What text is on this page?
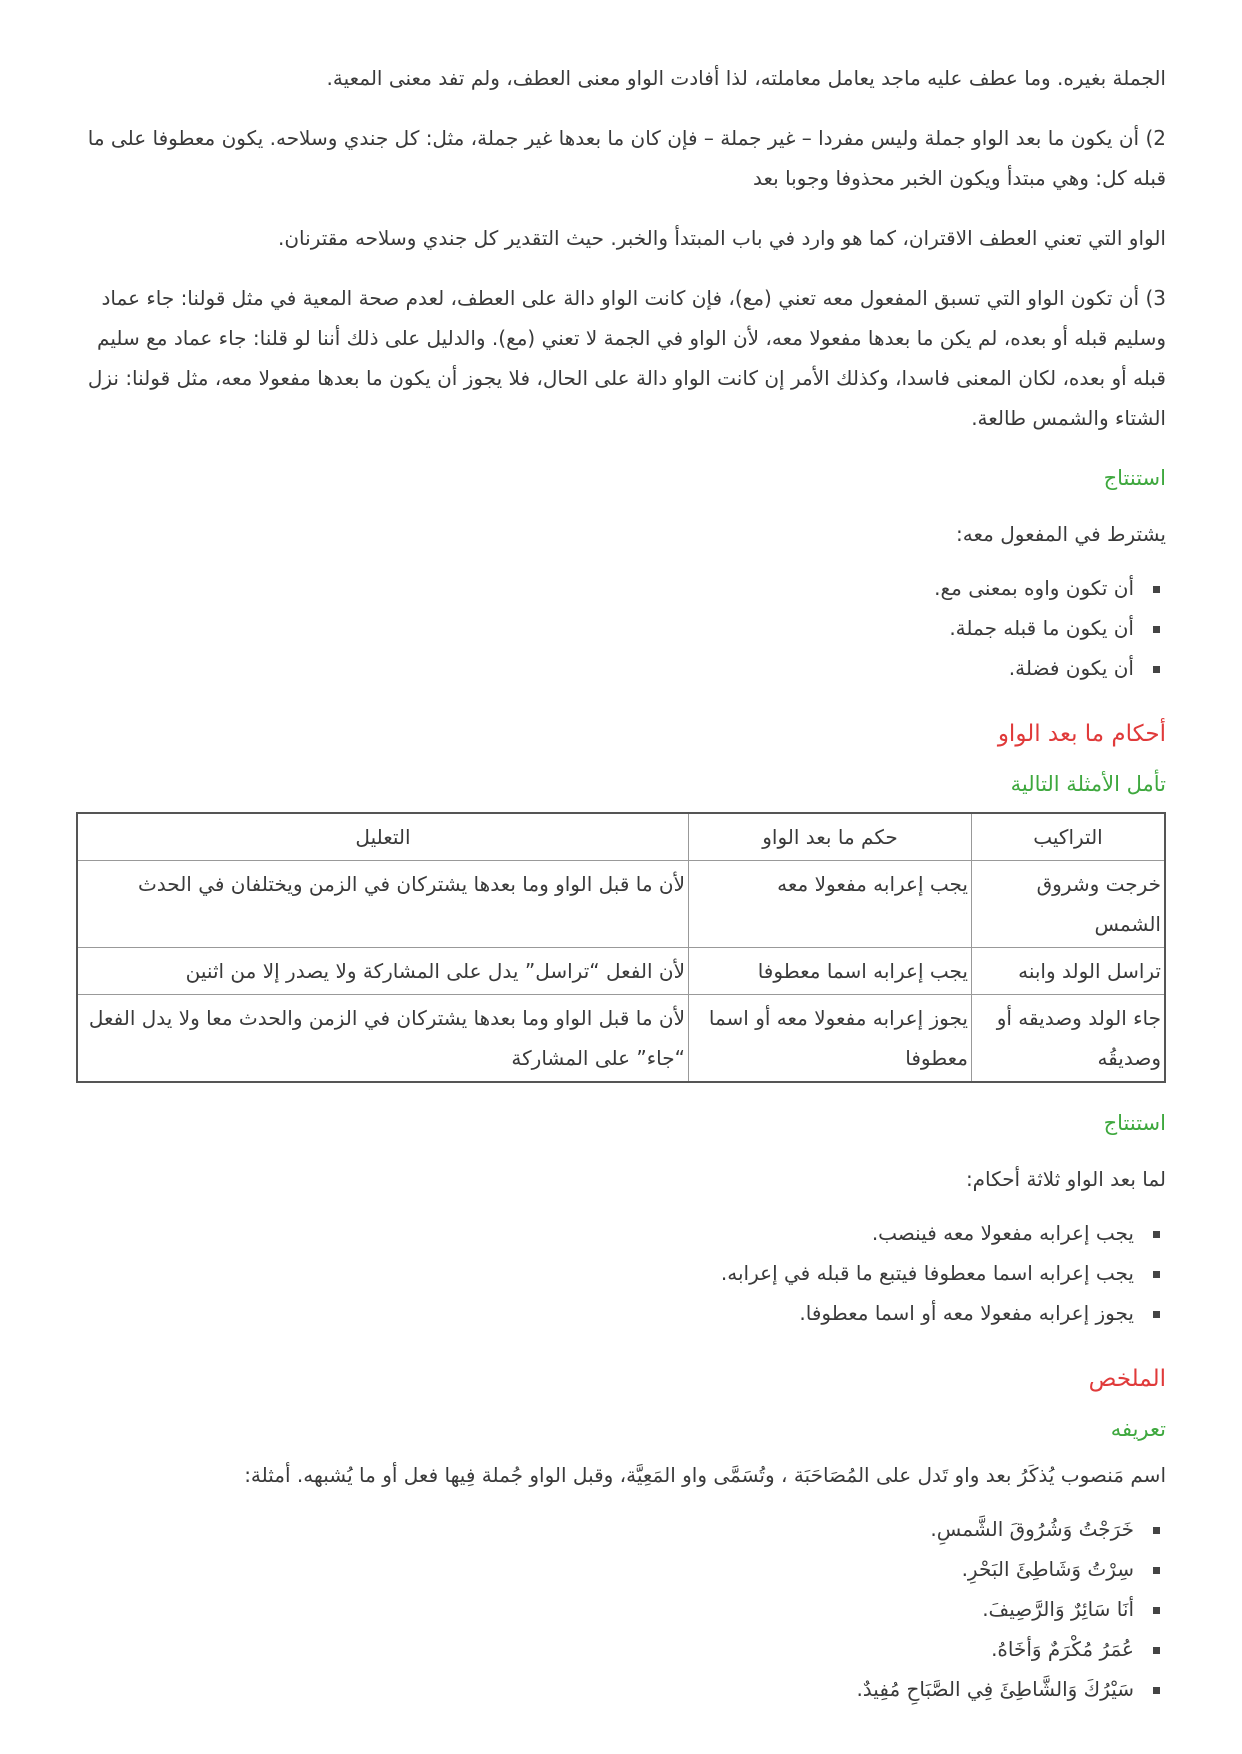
الجملة بغيره. وما عطف عليه ماجد يعامل معاملته، لذا أفادت الواو معنى العطف، ولم تفد معنى المعية.

2) أن يكون ما بعد الواو جملة وليس مفردا – غير جملة – فإن كان ما بعدها غير جملة، مثل: كل جندي وسلاحه. يكون معطوفا على ما قبله كل: وهي مبتدأ ويكون الخبر محذوفا وجوبا بعد

الواو التي تعني العطف الاقتران، كما هو وارد في باب المبتدأ والخبر. حيث التقدير كل جندي وسلاحه مقترنان.

3) أن تكون الواو التي تسبق المفعول معه تعني (مع)، فإن كانت الواو دالة على العطف، لعدم صحة المعية في مثل قولنا: جاء عماد وسليم قبله أو بعده، لم يكن ما بعدها مفعولا معه، لأن الواو في الجمة لا تعني (مع). والدليل على ذلك أننا لو قلنا: جاء عماد مع سليم قبله أو بعده، لكان المعنى فاسدا، وكذلك الأمر إن كانت الواو دالة على الحال، فلا يجوز أن يكون ما بعدها مفعولا معه، مثل قولنا: نزل الشتاء والشمس طالعة.

استنتاج

يشترط في المفعول معه:

أن تكون واوه بمعنى مع.
أن يكون ما قبله جملة.
أن يكون فضلة.
أحكام ما بعد الواو
تأمل الأمثلة التالية
التراكيب	حكم ما بعد الواو	التعليل
خرجت وشروق الشمس	يجب إعرابه مفعولا معه	لأن ما قبل الواو وما بعدها يشتركان في الزمن ويختلفان في الحدث
تراسل الولد وابنه	يجب إعرابه اسما معطوفا	لأن الفعل “تراسل” يدل على المشاركة ولا يصدر إلا من اثنين
جاء الولد وصديقه أو وصديقُه	يجوز إعرابه مفعولا معه أو اسما معطوفا	لأن ما قبل الواو وما بعدها يشتركان في الزمن والحدث معا ولا يدل الفعل “جاء” على المشاركة
استنتاج

لما بعد الواو ثلاثة أحكام:

يجب إعرابه مفعولا معه فينصب.
يجب إعرابه اسما معطوفا فيتبع ما قبله في إعرابه.
يجوز إعرابه مفعولا معه أو اسما معطوفا.
الملخص
تعريفه

اسم مَنصوب يُذكَرُ بعد واو تَدل على المُصَاحَبَة ، وتُسَمَّى واو المَعِيَّة، وقبل الواو جُملة فِيها فعل أو ما يُشبهه. أمثلة:

خَرَجْتُ وَشُرُوقَ الشَّمسِ.
سِرْتُ وَشَاطِئَ البَحْرِ.
أنَا سَائِرٌ وَالرَّصِيفَ.
عُمَرُ مُكْرَمٌ وَأخَاهُ.
سَيْرُكَ وَالشَّاطِئَ فِي الصَّبَاحِ مُفِيدٌ.
